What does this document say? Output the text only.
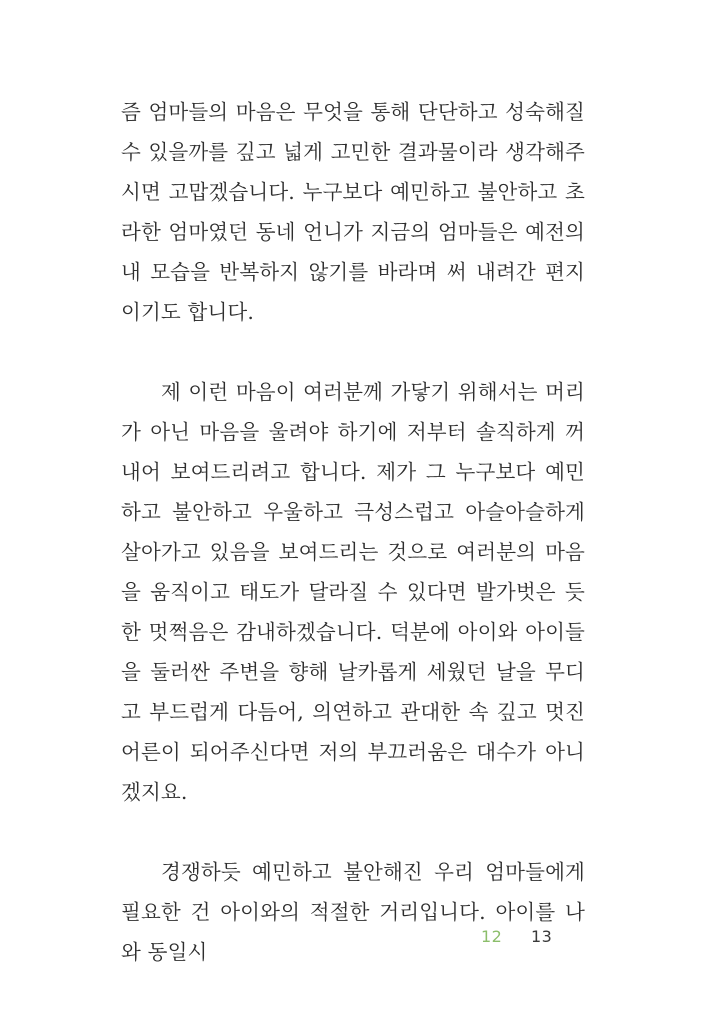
즘 엄마들의 마음은 무엇을 통해 단단하고 성숙해질 수 있을까를 깊고 넓게 고민한 결과물이라 생각해주시면 고맙겠습니다. 누구보다 예민하고 불안하고 초라한 엄마였던 동네 언니가 지금의 엄마들은 예전의 내 모습을 반복하지 않기를 바라며 써 내려간 편지이기도 합니다.

제 이런 마음이 여러분께 가닿기 위해서는 머리가 아닌 마음을 울려야 하기에 저부터 솔직하게 꺼내어 보여드리려고 합니다. 제가 그 누구보다 예민하고 불안하고 우울하고 극성스럽고 아슬아슬하게 살아가고 있음을 보여드리는 것으로 여러분의 마음을 움직이고 태도가 달라질 수 있다면 발가벗은 듯한 멋쩍음은 감내하겠습니다. 덕분에 아이와 아이들을 둘러싼 주변을 향해 날카롭게 세웠던 날을 무디고 부드럽게 다듬어, 의연하고 관대한 속 깊고 멋진 어른이 되어주신다면 저의 부끄러움은 대수가 아니겠지요.

경쟁하듯 예민하고 불안해진 우리 엄마들에게 필요한 건 아이와의 적절한 거리입니다. 아이를 나와 동일시

12 13
